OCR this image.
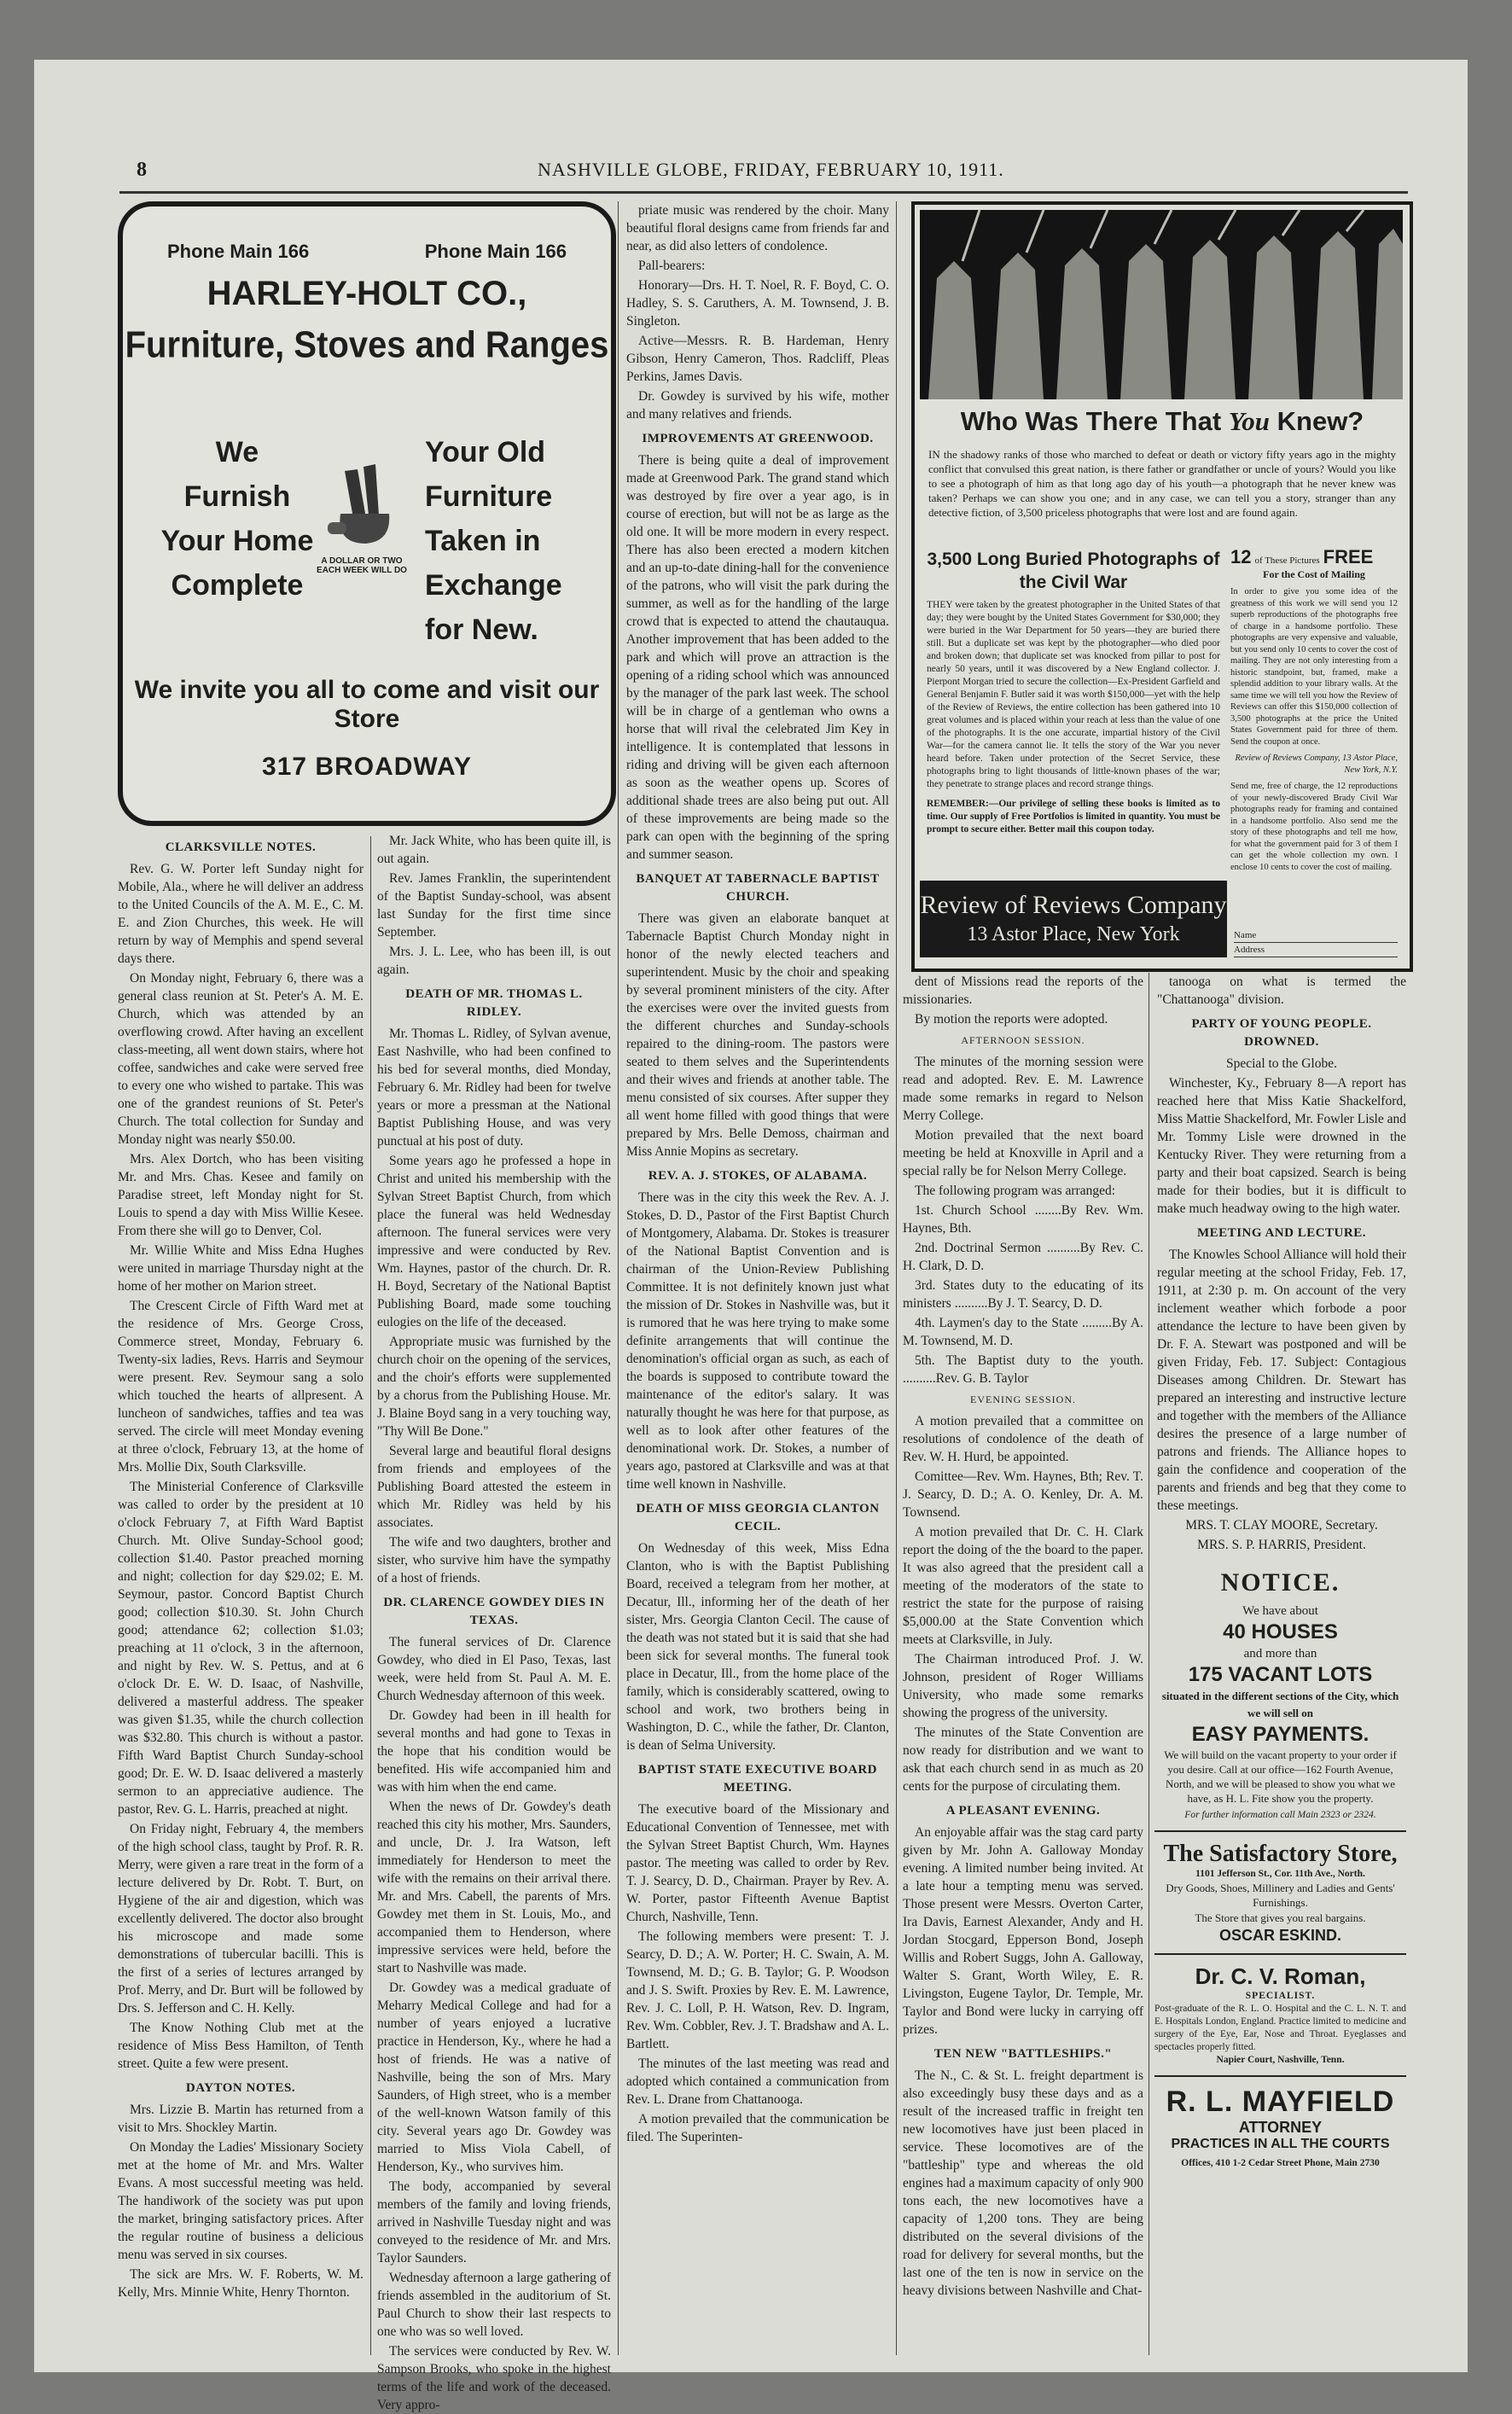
8	NASHVILLE GLOBE, FRIDAY, FEBRUARY 10, 1911.
Phone Main 166	Phone Main 166
HARLEY-HOLT CO.,
Furniture, Stoves and Ranges
We Furnish Your Home Complete
A DOLLAR OR TWO EACH WEEK WILL DO
Your Old Furniture Taken in Exchange for New.
We invite you all to come and visit our Store
317 BROADWAY
Who Was There That You Knew?
IN the shadowy ranks of those who marched to defeat or death or victory fifty years ago in the mighty conflict that convulsed this great nation, is there father or grandfather or uncle of yours? Would you like to see a photograph of him as that long ago day of his youth—a photograph that he never knew was taken? Perhaps we can show you one; and in any case, we can tell you a story, stranger than any detective fiction, of 3,500 priceless photographs that were lost and are found again.
3,500 Long Buried Photographs of the Civil War
THEY were taken by the greatest photographer in the United States of that day; they were bought by the United States Government for $30,000; they were buried in the War Department for 50 years—they are buried there still. But a duplicate set was kept by the photographer—who died poor and broken down; that duplicate set was knocked from pillar to post for nearly 50 years, until it was discovered by a New England collector. J. Pierpont Morgan tried to secure the collection—Ex-President Garfield and General Benjamin F. Butler said it was worth $150,000—yet with the help of the Review of Reviews, the entire collection has been gathered into 10 great volumes and is placed within your reach at less than the value of one of the photographs. It is the one accurate, impartial history of the Civil War—for the camera cannot lie. It tells the story of the War you never heard before. Taken under protection of the Secret Service, these photographs bring to light thousands of little-known phases of the war; they penetrate to strange places and record strange things.
REMEMBER:—Our privilege of selling these books is limited as to time. Our supply of Free Portfolios is limited in quantity. You must be prompt to secure either. Better mail this coupon today.
12 of These Pictures FREE
For the Cost of Mailing
In order to give you some idea of the greatness of this work we will send you 12 superb reproductions of the photographs free of charge in a handsome portfolio. These photographs are very expensive and valuable, but you send only 10 cents to cover the cost of mailing. They are not only interesting from a historic standpoint, but, framed, make a splendid addition to your library walls. At the same time we will tell you how the Review of Reviews can offer this $150,000 collection of 3,500 photographs at the price the United States Government paid for three of them. Send the coupon at once.
Review of Reviews Company, 13 Astor Place, New York, N.Y.
Send me, free of charge, the 12 reproductions of your newly-discovered Brady Civil War photographs ready for framing and contained in a handsome portfolio. Also send me the story of these photographs and tell me how, for what the government paid for 3 of them I can get the whole collection my own. I enclose 10 cents to cover the cost of mailing.
Review of Reviews Company
13 Astor Place, New York	Name
Address
CLARKSVILLE NOTES.

Rev. G. W. Porter left Sunday night for Mobile, Ala., where he will deliver an address to the United Councils of the A. M. E., C. M. E. and Zion Churches, this week. He will return by way of Memphis and spend several days there.

On Monday night, February 6, there was a general class reunion at St. Peter's A. M. E. Church, which was attended by an overflowing crowd. After having an excellent class-meeting, all went down stairs, where hot coffee, sandwiches and cake were served free to every one who wished to partake. This was one of the grandest reunions of St. Peter's Church. The total collection for Sunday and Monday night was nearly $50.00.

Mrs. Alex Dortch, who has been visiting Mr. and Mrs. Chas. Kesee and family on Paradise street, left Monday night for St. Louis to spend a day with Miss Willie Kesee. From there she will go to Denver, Col.

Mr. Willie White and Miss Edna Hughes were united in marriage Thursday night at the home of her mother on Marion street.

The Crescent Circle of Fifth Ward met at the residence of Mrs. George Cross, Commerce street, Monday, February 6. Twenty-six ladies, Revs. Harris and Seymour were present. Rev. Seymour sang a solo which touched the hearts of allpresent. A luncheon of sandwiches, taffies and tea was served. The circle will meet Monday evening at three o'clock, February 13, at the home of Mrs. Mollie Dix, South Clarksville.

The Ministerial Conference of Clarksville was called to order by the president at 10 o'clock February 7, at Fifth Ward Baptist Church. Mt. Olive Sunday-School good; collection $1.40. Pastor preached morning and night; collection for day $29.02; E. M. Seymour, pastor. Concord Baptist Church good; collection $10.30. St. John Church good; attendance 62; collection $1.03; preaching at 11 o'clock, 3 in the afternoon, and night by Rev. W. S. Pettus, and at 6 o'clock Dr. E. W. D. Isaac, of Nashville, delivered a masterful address. The speaker was given $1.35, while the church collection was $32.80. This church is without a pastor. Fifth Ward Baptist Church Sunday-school good; Dr. E. W. D. Isaac delivered a masterly sermon to an appreciative audience. The pastor, Rev. G. L. Harris, preached at night.

On Friday night, February 4, the members of the high school class, taught by Prof. R. R. Merry, were given a rare treat in the form of a lecture delivered by Dr. Robt. T. Burt, on Hygiene of the air and digestion, which was excellently delivered. The doctor also brought his microscope and made some demonstrations of tubercular bacilli. This is the first of a series of lectures arranged by Prof. Merry, and Dr. Burt will be followed by Drs. S. Jefferson and C. H. Kelly.

The Know Nothing Club met at the residence of Miss Bess Hamilton, of Tenth street. Quite a few were present.

DAYTON NOTES.

Mrs. Lizzie B. Martin has returned from a visit to Mrs. Shockley Martin.

On Monday the Ladies' Missionary Society met at the home of Mr. and Mrs. Walter Evans. A most successful meeting was held. The handiwork of the society was put upon the market, bringing satisfactory prices. After the regular routine of business a delicious menu was served in six courses.

The sick are Mrs. W. F. Roberts, W. M. Kelly, Mrs. Minnie White, Henry Thornton.

Mr. Jack White, who has been quite ill, is out again.

Rev. James Franklin, the superintendent of the Baptist Sunday-school, was absent last Sunday for the first time since September.

Mrs. J. L. Lee, who has been ill, is out again.

DEATH OF MR. THOMAS L. RIDLEY.

Mr. Thomas L. Ridley, of Sylvan avenue, East Nashville, who had been confined to his bed for several months, died Monday, February 6. Mr. Ridley had been for twelve years or more a pressman at the National Baptist Publishing House, and was very punctual at his post of duty.

Some years ago he professed a hope in Christ and united his membership with the Sylvan Street Baptist Church, from which place the funeral was held Wednesday afternoon. The funeral services were very impressive and were conducted by Rev. Wm. Haynes, pastor of the church. Dr. R. H. Boyd, Secretary of the National Baptist Publishing Board, made some touching eulogies on the life of the deceased.

Appropriate music was furnished by the church choir on the opening of the services, and the choir's efforts were supplemented by a chorus from the Publishing House. Mr. J. Blaine Boyd sang in a very touching way, "Thy Will Be Done."

Several large and beautiful floral designs from friends and employees of the Publishing Board attested the esteem in which Mr. Ridley was held by his associates.

The wife and two daughters, brother and sister, who survive him have the sympathy of a host of friends.

DR. CLARENCE GOWDEY DIES IN TEXAS.

The funeral services of Dr. Clarence Gowdey, who died in El Paso, Texas, last week, were held from St. Paul A. M. E. Church Wednesday afternoon of this week.

Dr. Gowdey had been in ill health for several months and had gone to Texas in the hope that his condition would be benefited. His wife accompanied him and was with him when the end came.

When the news of Dr. Gowdey's death reached this city his mother, Mrs. Saunders, and uncle, Dr. J. Ira Watson, left immediately for Henderson to meet the wife with the remains on their arrival there. Mr. and Mrs. Cabell, the parents of Mrs. Gowdey met them in St. Louis, Mo., and accompanied them to Henderson, where impressive services were held, before the start to Nashville was made.

Dr. Gowdey was a medical graduate of Meharry Medical College and had for a number of years enjoyed a lucrative practice in Henderson, Ky., where he had a host of friends. He was a native of Nashville, being the son of Mrs. Mary Saunders, of High street, who is a member of the well-known Watson family of this city. Several years ago Dr. Gowdey was married to Miss Viola Cabell, of Henderson, Ky., who survives him.

The body, accompanied by several members of the family and loving friends, arrived in Nashville Tuesday night and was conveyed to the residence of Mr. and Mrs. Taylor Saunders.

Wednesday afternoon a large gathering of friends assembled in the auditorium of St. Paul Church to show their last respects to one who was so well loved.

The services were conducted by Rev. W. Sampson Brooks, who spoke in the highest terms of the life and work of the deceased. Very appro-

priate music was rendered by the choir. Many beautiful floral designs came from friends far and near, as did also letters of condolence.

Pall-bearers:

Honorary—Drs. H. T. Noel, R. F. Boyd, C. O. Hadley, S. S. Caruthers, A. M. Townsend, J. B. Singleton.

Active—Messrs. R. B. Hardeman, Henry Gibson, Henry Cameron, Thos. Radcliff, Pleas Perkins, James Davis.

Dr. Gowdey is survived by his wife, mother and many relatives and friends.

IMPROVEMENTS AT GREENWOOD.

There is being quite a deal of improvement made at Greenwood Park. The grand stand which was destroyed by fire over a year ago, is in course of erection, but will not be as large as the old one. It will be more modern in every respect. There has also been erected a modern kitchen and an up-to-date dining-hall for the convenience of the patrons, who will visit the park during the summer, as well as for the handling of the large crowd that is expected to attend the chautauqua. Another improvement that has been added to the park and which will prove an attraction is the opening of a riding school which was announced by the manager of the park last week. The school will be in charge of a gentleman who owns a horse that will rival the celebrated Jim Key in intelligence. It is contemplated that lessons in riding and driving will be given each afternoon as soon as the weather opens up. Scores of additional shade trees are also being put out. All of these improvements are being made so the park can open with the beginning of the spring and summer season.

BANQUET AT TABERNACLE BAPTIST CHURCH.

There was given an elaborate banquet at Tabernacle Baptist Church Monday night in honor of the newly elected teachers and superintendent. Music by the choir and speaking by several prominent ministers of the city. After the exercises were over the invited guests from the different churches and Sunday-schools repaired to the dining-room. The pastors were seated to them selves and the Superintendents and their wives and friends at another table. The menu consisted of six courses. After supper they all went home filled with good things that were prepared by Mrs. Belle Demoss, chairman and Miss Annie Mopins as secretary.

REV. A. J. STOKES, OF ALABAMA.

There was in the city this week the Rev. A. J. Stokes, D. D., Pastor of the First Baptist Church of Montgomery, Alabama. Dr. Stokes is treasurer of the National Baptist Convention and is chairman of the Union-Review Publishing Committee. It is not definitely known just what the mission of Dr. Stokes in Nashville was, but it is rumored that he was here trying to make some definite arrangements that will continue the denomination's official organ as such, as each of the boards is supposed to contribute toward the maintenance of the editor's salary. It was naturally thought he was here for that purpose, as well as to look after other features of the denominational work. Dr. Stokes, a number of years ago, pastored at Clarksville and was at that time well known in Nashville.

DEATH OF MISS GEORGIA CLANTON CECIL.

On Wednesday of this week, Miss Edna Clanton, who is with the Baptist Publishing Board, received a telegram from her mother, at Decatur, Ill., informing her of the death of her sister, Mrs. Georgia Clanton Cecil. The cause of the death was not stated but it is said that she had been sick for several months. The funeral took place in Decatur, Ill., from the home place of the family, which is considerably scattered, owing to school and work, two brothers being in Washington, D. C., while the father, Dr. Clanton, is dean of Selma University.

BAPTIST STATE EXECUTIVE BOARD MEETING.

The executive board of the Missionary and Educational Convention of Tennessee, met with the Sylvan Street Baptist Church, Wm. Haynes pastor. The meeting was called to order by Rev. T. J. Searcy, D. D., Chairman. Prayer by Rev. A. W. Porter, pastor Fifteenth Avenue Baptist Church, Nashville, Tenn.

The following members were present: T. J. Searcy, D. D.; A. W. Porter; H. C. Swain, A. M. Townsend, M. D.; G. B. Taylor; G. P. Woodson and J. S. Swift. Proxies by Rev. E. M. Lawrence, Rev. J. C. Loll, P. H. Watson, Rev. D. Ingram, Rev. Wm. Cobbler, Rev. J. T. Bradshaw and A. L. Bartlett.

The minutes of the last meeting was read and adopted which contained a communication from Rev. L. Drane from Chattanooga.

A motion prevailed that the communication be filed. The Superinten-

dent of Missions read the reports of the missionaries.

By motion the reports were adopted.

AFTERNOON SESSION.

The minutes of the morning session were read and adopted. Rev. E. M. Lawrence made some remarks in regard to Nelson Merry College.

Motion prevailed that the next board meeting be held at Knoxville in April and a special rally be for Nelson Merry College.

The following program was arranged:

1st. Church School ........By Rev. Wm. Haynes, Bth.

2nd. Doctrinal Sermon ..........By Rev. C. H. Clark, D. D.

3rd. States duty to the educating of its ministers ..........By J. T. Searcy, D. D.

4th. Laymen's day to the State .........By A. M. Townsend, M. D.

5th. The Baptist duty to the youth. ..........Rev. G. B. Taylor

EVENING SESSION.

A motion prevailed that a committee on resolutions of condolence of the death of Rev. W. H. Hurd, be appointed.

Comittee—Rev. Wm. Haynes, Bth; Rev. T. J. Searcy, D. D.; A. O. Kenley, Dr. A. M. Townsend.

A motion prevailed that Dr. C. H. Clark report the doing of the the board to the paper. It was also agreed that the president call a meeting of the moderators of the state to restrict the state for the purpose of raising $5,000.00 at the State Convention which meets at Clarksville, in July.

The Chairman introduced Prof. J. W. Johnson, president of Roger Williams University, who made some remarks showing the progress of the university.

The minutes of the State Convention are now ready for distribution and we want to ask that each church send in as much as 20 cents for the purpose of circulating them.

A PLEASANT EVENING.

An enjoyable affair was the stag card party given by Mr. John A. Galloway Monday evening. A limited number being invited. At a late hour a tempting menu was served. Those present were Messrs. Overton Carter, Ira Davis, Earnest Alexander, Andy and H. Jordan Stocgard, Epperson Bond, Joseph Willis and Robert Suggs, John A. Galloway, Walter S. Grant, Worth Wiley, E. R. Livingston, Eugene Taylor, Dr. Temple, Mr. Taylor and Bond were lucky in carrying off prizes.

TEN NEW "BATTLESHIPS."

The N., C. & St. L. freight department is also exceedingly busy these days and as a result of the increased traffic in freight ten new locomotives have just been placed in service. These locomotives are of the "battleship" type and whereas the old engines had a maximum capacity of only 900 tons each, the new locomotives have a capacity of 1,200 tons. They are being distributed on the several divisions of the road for delivery for several months, but the last one of the ten is now in service on the heavy divisions between Nashville and Chat-

tanooga on what is termed the "Chattanooga" division.

PARTY OF YOUNG PEOPLE. DROWNED.

Special to the Globe.

Winchester, Ky., February 8—A report has reached here that Miss Katie Shackelford, Miss Mattie Shackelford, Mr. Fowler Lisle and Mr. Tommy Lisle were drowned in the Kentucky River. They were returning from a party and their boat capsized. Search is being made for their bodies, but it is difficult to make much headway owing to the high water.

MEETING AND LECTURE.

The Knowles School Alliance will hold their regular meeting at the school Friday, Feb. 17, 1911, at 2:30 p. m. On account of the very inclement weather which forbode a poor attendance the lecture to have been given by Dr. F. A. Stewart was postponed and will be given Friday, Feb. 17. Subject: Contagious Diseases among Children. Dr. Stewart has prepared an interesting and instructive lecture and together with the members of the Alliance desires the presence of a large number of patrons and friends. The Alliance hopes to gain the confidence and cooperation of the parents and friends and beg that they come to these meetings.

MRS. T. CLAY MOORE, Secretary.

MRS. S. P. HARRIS, President.

NOTICE.
We have about
40 HOUSES
and more than
175 VACANT LOTS
situated in the different sections of the City, which we will sell on
EASY PAYMENTS.
We will build on the vacant property to your order if you desire. Call at our office—162 Fourth Avenue, North, and we will be pleased to show you what we have, as H. L. Fite show you the property.
For further information call Main 2323 or 2324.
The Satisfactory Store,
1101 Jefferson St., Cor. 11th Ave., North.
Dry Goods, Shoes, Millinery and Ladies and Gents' Furnishings.
The Store that gives you real bargains.
OSCAR ESKIND.
Dr. C. V. Roman,
SPECIALIST.
Post-graduate of the R. L. O. Hospital and the C. L. N. T. and E. Hospitals London, England. Practice limited to medicine and surgery of the Eye, Ear, Nose and Throat. Eyeglasses and spectacles properly fitted.
Napier Court, Nashville, Tenn.
R. L. MAYFIELD
ATTORNEY
PRACTICES IN ALL THE COURTS
Offices, 410 1-2 Cedar Street Phone, Main 2730
